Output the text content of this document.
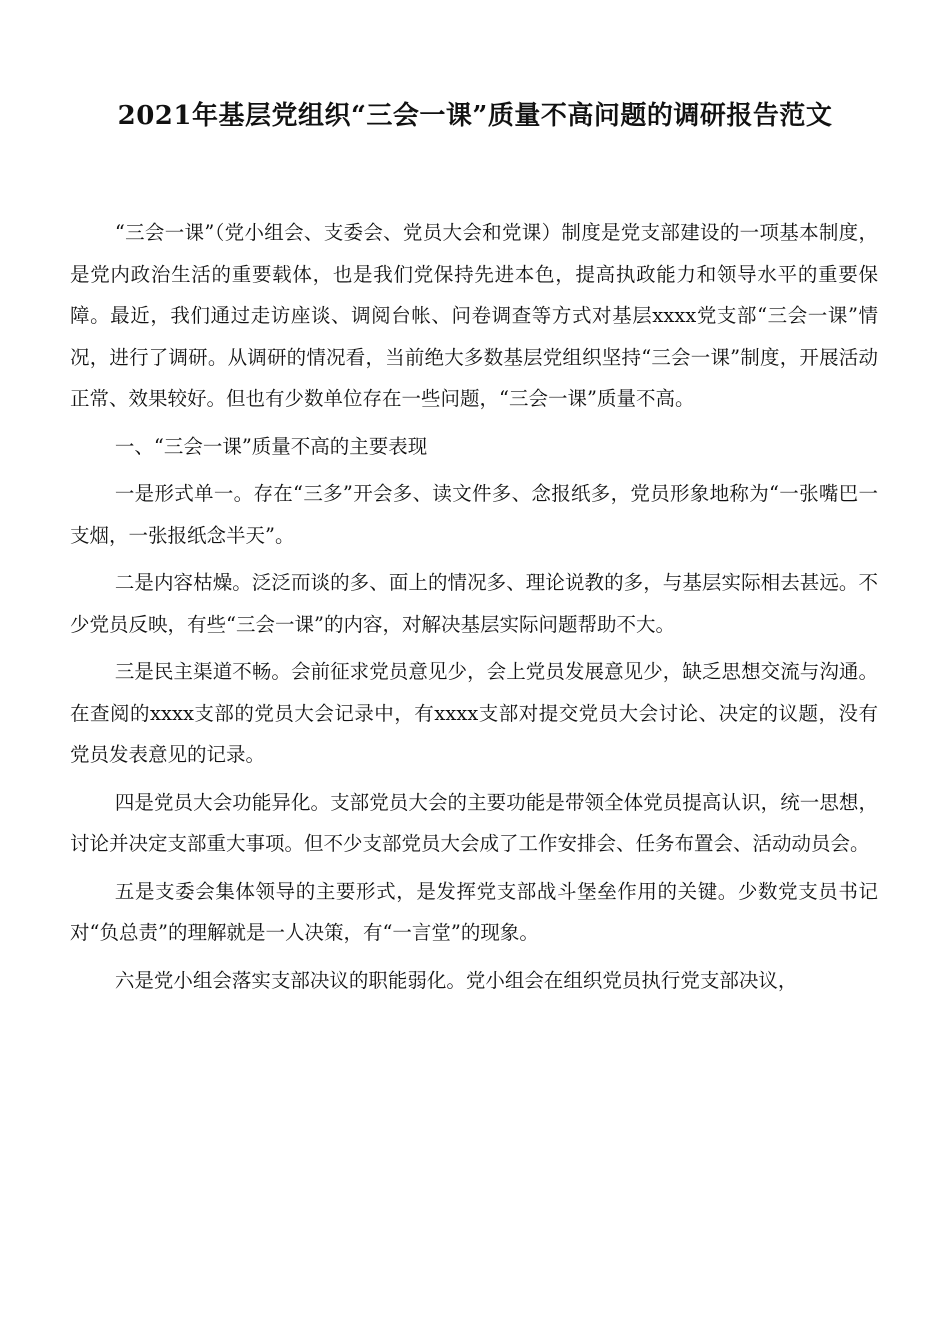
2021年基层党组织“三会一课”质量不高问题的调研报告范文

“三会一课”（党小组会、支委会、党员大会和党课）制度是党支部建设的一项基本制度，是党内政治生活的重要载体，也是我们党保持先进本色，提高执政能力和领导水平的重要保障。最近，我们通过走访座谈、调阅台帐、问卷调查等方式对基层xxxx党支部“三会一课”情况，进行了调研。从调研的情况看，当前绝大多数基层党组织坚持“三会一课”制度，开展活动正常、效果较好。但也有少数单位存在一些问题，“三会一课”质量不高。

一、“三会一课”质量不高的主要表现

一是形式单一。存在“三多”开会多、读文件多、念报纸多，党员形象地称为“一张嘴巴一支烟，一张报纸念半天”。

二是内容枯燥。泛泛而谈的多、面上的情况多、理论说教的多，与基层实际相去甚远。不少党员反映，有些“三会一课”的内容，对解决基层实际问题帮助不大。

三是民主渠道不畅。会前征求党员意见少，会上党员发展意见少，缺乏思想交流与沟通。在查阅的xxxx支部的党员大会记录中，有xxxx支部对提交党员大会讨论、决定的议题，没有党员发表意见的记录。

四是党员大会功能异化。支部党员大会的主要功能是带领全体党员提高认识，统一思想，讨论并决定支部重大事项。但不少支部党员大会成了工作安排会、任务布置会、活动动员会。

五是支委会集体领导的主要形式，是发挥党支部战斗堡垒作用的关键。少数党支员书记对“负总责”的理解就是一人决策，有“一言堂”的现象。

六是党小组会落实支部决议的职能弱化。党小组会在组织党员执行党支部决议，
